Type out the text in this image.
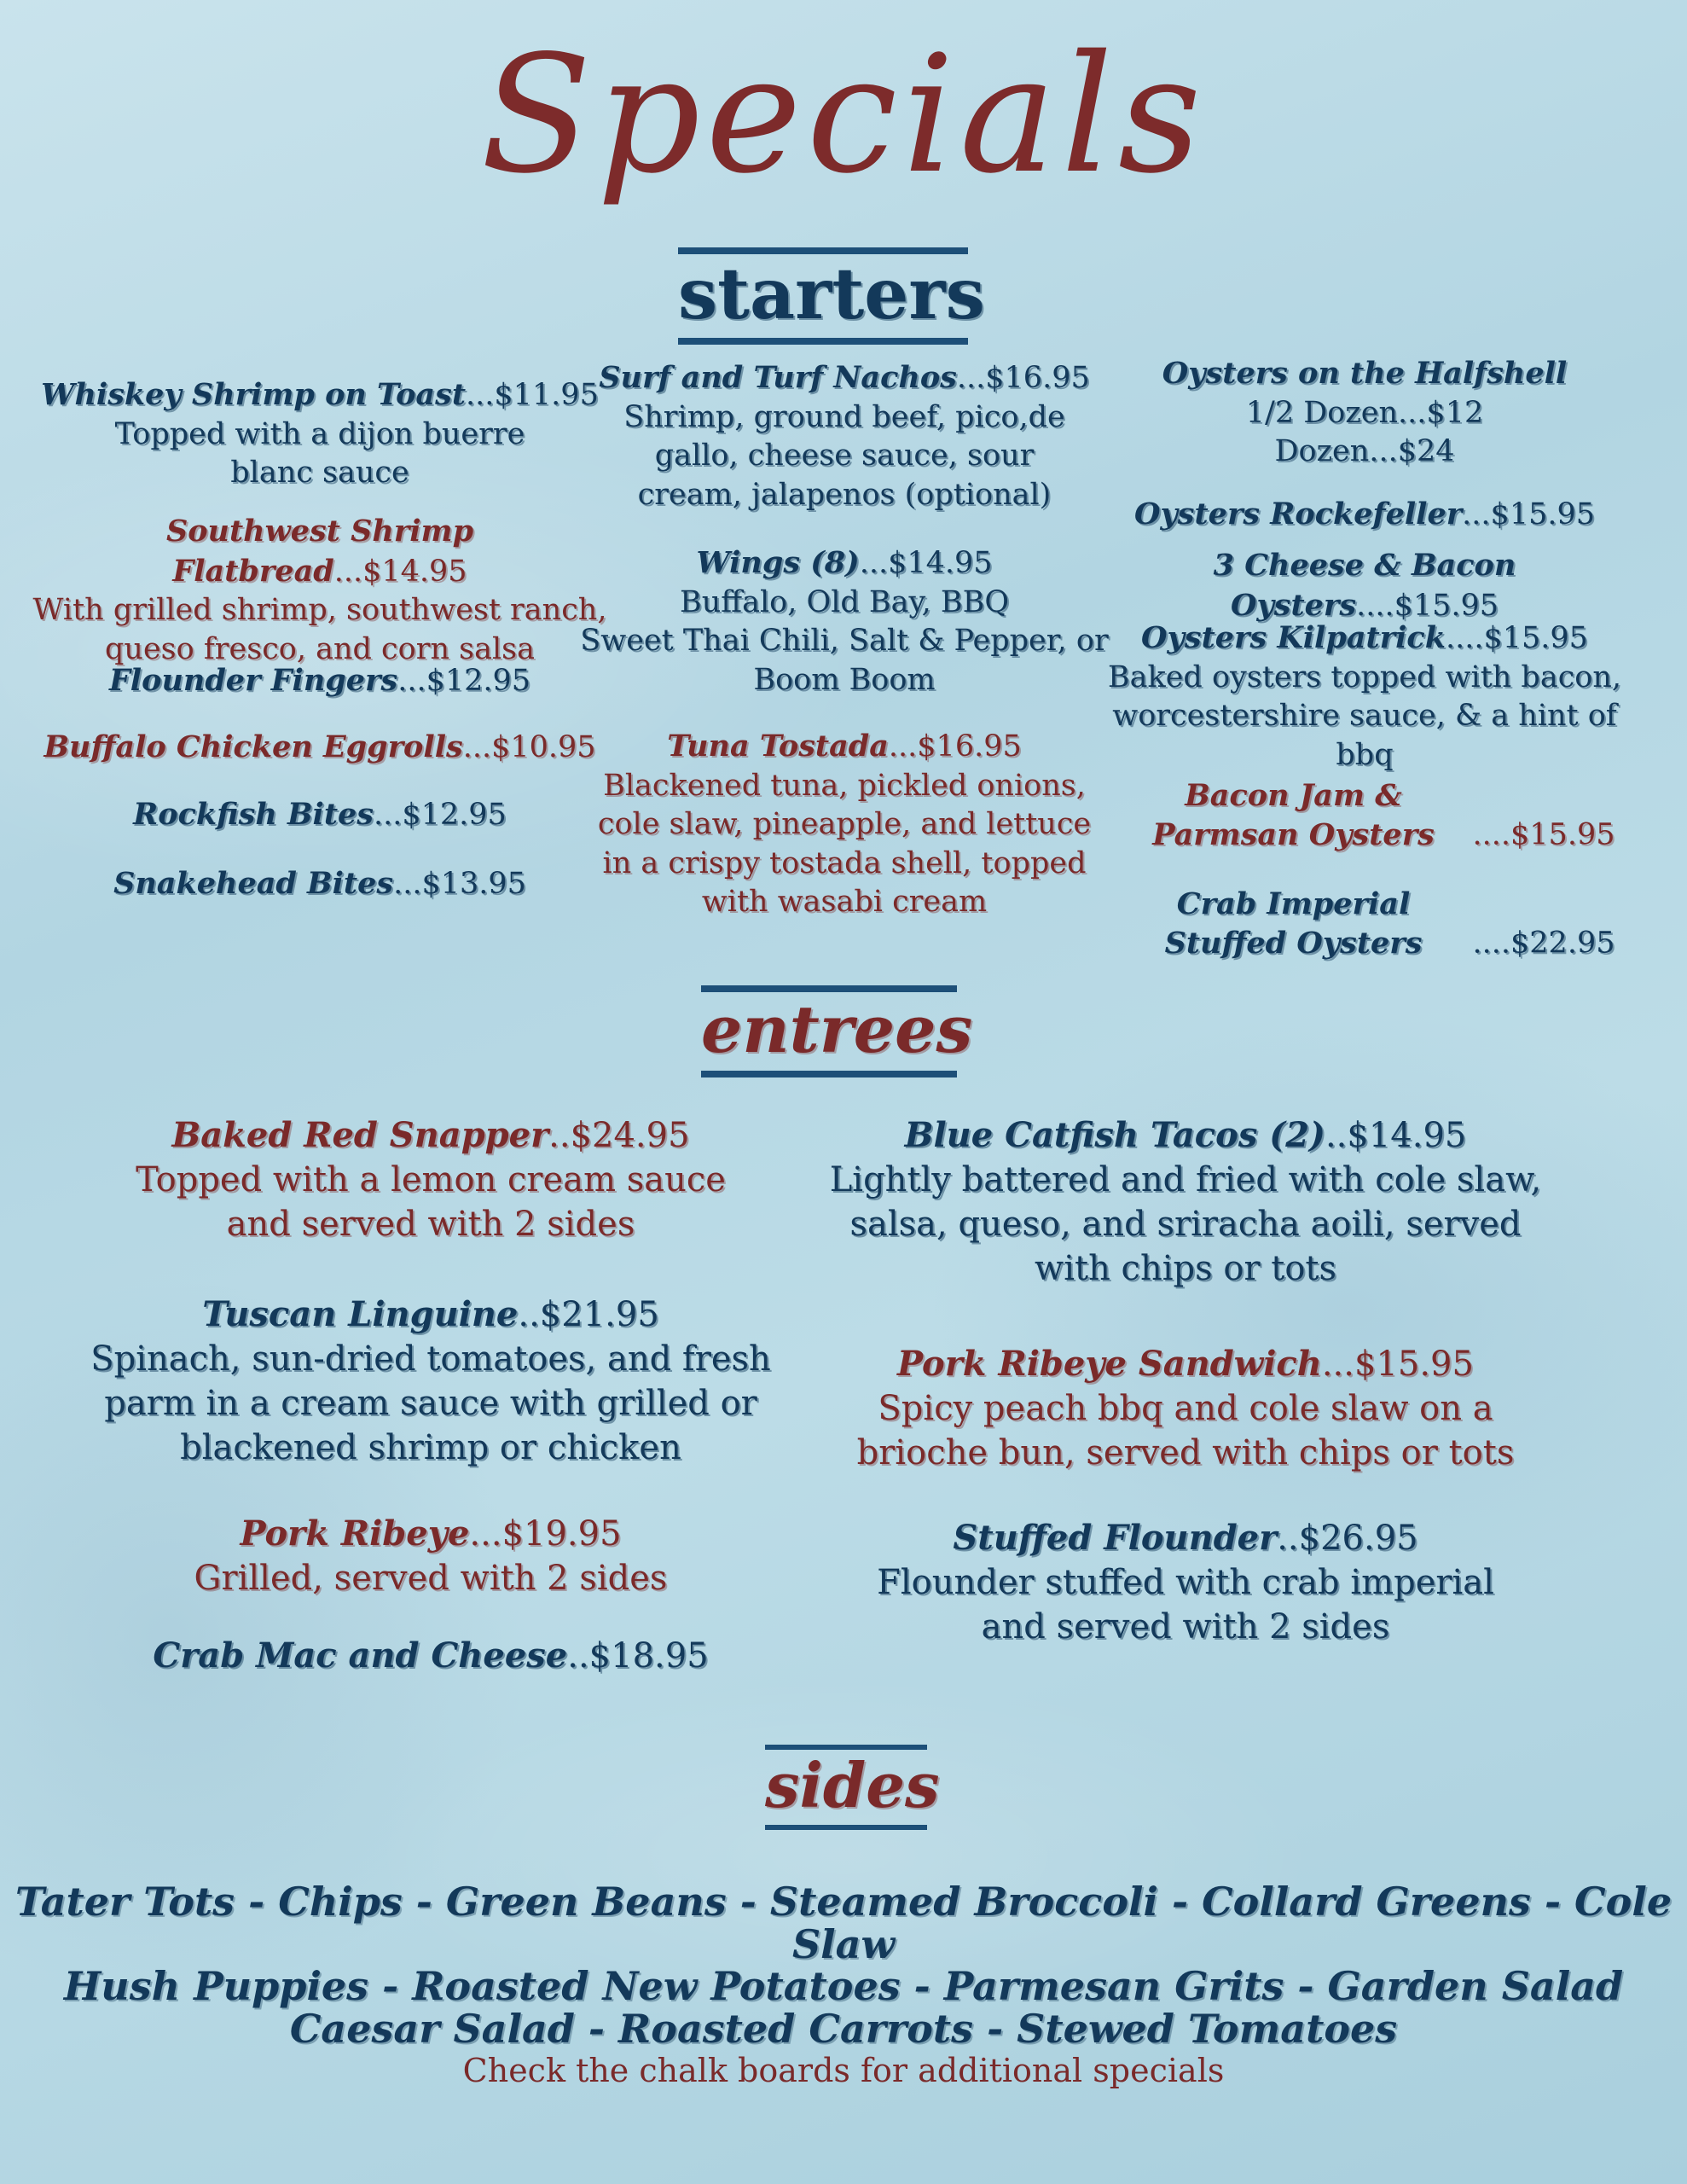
Specials
starters
Whiskey Shrimp on Toast...$11.95
Topped with a dijon buerre blanc sauce
Southwest Shrimp Flatbread...$14.95
With grilled shrimp, southwest ranch, queso fresco, and corn salsa
Flounder Fingers...$12.95
Buffalo Chicken Eggrolls...$10.95
Rockfish Bites...$12.95
Snakehead Bites...$13.95
Surf and Turf Nachos...$16.95
Shrimp, ground beef, pico,de gallo, cheese sauce, sour cream, jalapenos (optional)
Wings (8)...$14.95
Buffalo, Old Bay, BBQ
Sweet Thai Chili, Salt & Pepper, or Boom Boom
Tuna Tostada...$16.95
Blackened tuna, pickled onions, cole slaw, pineapple, and lettuce in a crispy tostada shell, topped with wasabi cream
Oysters on the Halfshell
1/2 Dozen...$12
Dozen...$24
Oysters Rockefeller...$15.95
3 Cheese & Bacon Oysters....$15.95
Oysters Kilpatrick....$15.95
Baked oysters topped with bacon, worcestershire sauce, & a hint of bbq
Bacon Jam & Parmsan Oysters ....$15.95
Crab Imperial Stuffed Oysters ....$22.95
entrees
Baked Red Snapper..$24.95
Topped with a lemon cream sauce and served with 2 sides
Tuscan Linguine..$21.95
Spinach, sun-dried tomatoes, and fresh parm in a cream sauce with grilled or blackened shrimp or chicken
Pork Ribeye...$19.95
Grilled, served with 2 sides
Crab Mac and Cheese..$18.95
Blue Catfish Tacos (2)..$14.95
Lightly battered and fried with cole slaw, salsa, queso, and sriracha aoili, served with chips or tots
Pork Ribeye Sandwich...$15.95
Spicy peach bbq and cole slaw on a brioche bun, served with chips or tots
Stuffed Flounder..$26.95
Flounder stuffed with crab imperial and served with 2 sides
sides
Tater Tots - Chips - Green Beans - Steamed Broccoli - Collard Greens - Cole Slaw
Hush Puppies - Roasted New Potatoes - Parmesan Grits - Garden Salad
Caesar Salad - Roasted Carrots - Stewed Tomatoes
Check the chalk boards for additional specials
